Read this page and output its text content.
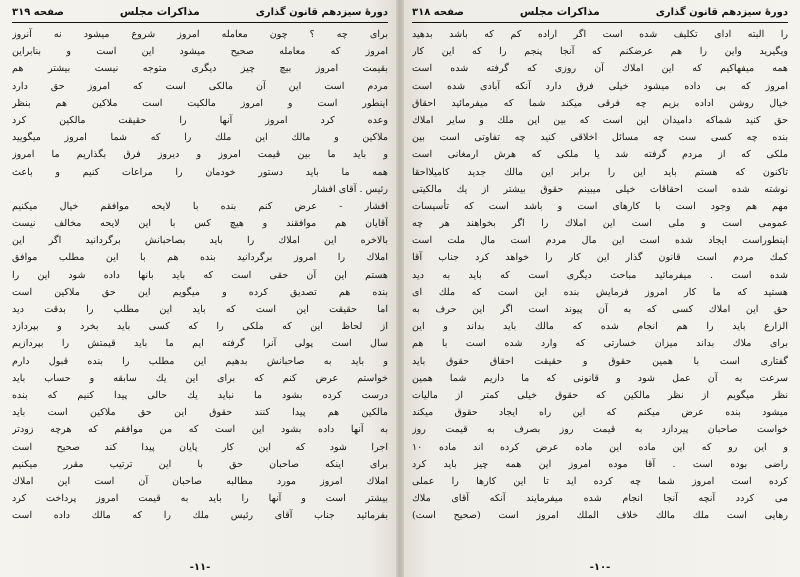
دورهٔ سیزدهم قانون گذاری
مذاكرات مجلس
صفحه ۳۱۸
را البته اداى تكليف شده است اگر اراده كم كه باشد بدهيد
ويگيريد واين را هم عرضكنم كه آنجا پنجم را كه اين كار
همه ميفهاكيم كه اين املاك آن روزى كه گرفته شده است
امروز كه بى داده ميشود خيلى فرق دارد آنكه آبادى شده است
خيال روشن اداده بزيم چه فرقى ميكند شما كه ميفرمائيد احقاق
حق كنيد شماكه داميدان اين است كه بين اين ملك و ساير املاك
بنده چه كسى ست چه مسائل اخلاقى كنيد چه تفاوتى است بين
ملكى كه از مردم گرفته شد يا ملكى كه هرش ارمغانى است
تاكنون كه هستم بايد اين را برابر اين مالك جديد كاميلااحقا
نوشته شده است احقاقات خيلى ميبينم حقوق بيشتر از يك مالكيتى
مهم هم وجود است با كارهاى است و باشد است كه تأسيسات
عمومى است و ملى است اين املاك را اگر بخواهند هر چه
اينطوراست ايجاد شده است اين مال مردم است مال ملت است
كمك مردم است قانون گذار اين كار را خواهد كرد جناب آقا
شده است . ميفرمائيد مباحث ديگرى است كه بايد به ديد
هستيد كه ما كار امروز فرمايش بنده اين است كه ملك اى
حق اين املاك كسى كه به آن پيوند است اگر اين حرف به
الزارع بايد را هم انجام شده كه مالك بايد بداند و اين
براى ملاك بداند ميزان خسارتى كه وارد شده است با هم
گفتارى است با همين حقوق و حقيقت احقاق حقوق بايد
سرعت به آن عمل شود و قانونى كه ما داريم شما همين
نظر ميگويم از نظر مالكين كه حقوق خيلى كمتر از ماليات
ميشود بنده عرض ميكنم كه اين راه ايجاد حقوق ميكند
خواست صاحبان پيردازد به قيمت روز بصرف به قيمت روز
و اين رو كه اين ماده اين ماده عرض كرده اند ماده ١٠
راضى بوده است . آقا موده امروز اين همه چيز بايد كرد
كرده است امروز شما چه كرده ايد تا اين كارها را عملى
مى كردد آنچه آنجا انجام شده ميفرمايند آنكه آقاى ملاك
رهايى است ملك مالك خلاف الملك امروز است (صحيح است)
-۱۰-
دورهٔ سیزدهم قانون گذاری
مذاكرات مجلس
صفحه ۳۱۹
براى چه ؟ چون معامله امروز شروع ميشود نه آنروز
امروز كه معامله صحيح ميشود اين است و بنابراين
بقيمت امروز بيچ چيز ديگرى متوجه نيست بيشتر هم
مردم است اين آن مالكى است كه امروز حق دارد
اينطور است و امروز مالكيت است ملاكين هم بنظر
وعده كرد امروز آنها را حقيقت مالكين كرد
ملاكين و مالك اين ملك را كه شما امروز ميگوييد
و بايد ما بين قيمت امروز و ديروز فرق بگذاريم ما امروز
همه ما بايد دستور خودمان را مراعات كنيم و باعث
رئيس . آقاى افشار
افشار - عرض كنم بنده با لايحه موافقم خيال ميكنيم
آقايان هم موافقند و هيچ كس با اين لايحه مخالف نيست
بالاخره اين املاك را بايد بصاحبانش برگردانيد اگر اين
املاك را امروز برگردانيد بنده هم با اين مطلب موافق
هستم اين آن حقى است كه بايد بانها داده شود اين را
بنده هم تصديق كرده و ميگويم اين حق ملاكين است
اما حقيقت اين است كه بايد اين مطلب را بدقت ديد
از لحاظ اين كه ملكى را كه كسى بايد بخرد و بپردازد
سال است پولى آنرا گرفته ايم ما بايد قيمتش را بپردازيم
و بايد به صاحبانش بدهيم اين مطلب را بنده قبول دارم
خواستم عرض كنم كه براى اين يك سابقه و حساب بايد
درست كرده بشود ما نبايد يك حالى پيدا كنيم كه بنده
مالكين هم پيدا كنند حقوق اين حق ملاكين است بايد
به آنها داده بشود اين است كه من موافقم كه هرچه زودتر
اجرا شود كه اين كار پايان پيدا كند صحيح است
براى اينكه صاحبان حق با اين ترتيب مقرر ميكنيم
املاك امروز مورد مطالبه صاحبان آن است اين املاك
بيشتر است و آنها را بايد به قيمت امروز پرداخت كرد
بفرمائيد جناب آقاى رئيس ملك را كه مالك داده است
-۱۱-
